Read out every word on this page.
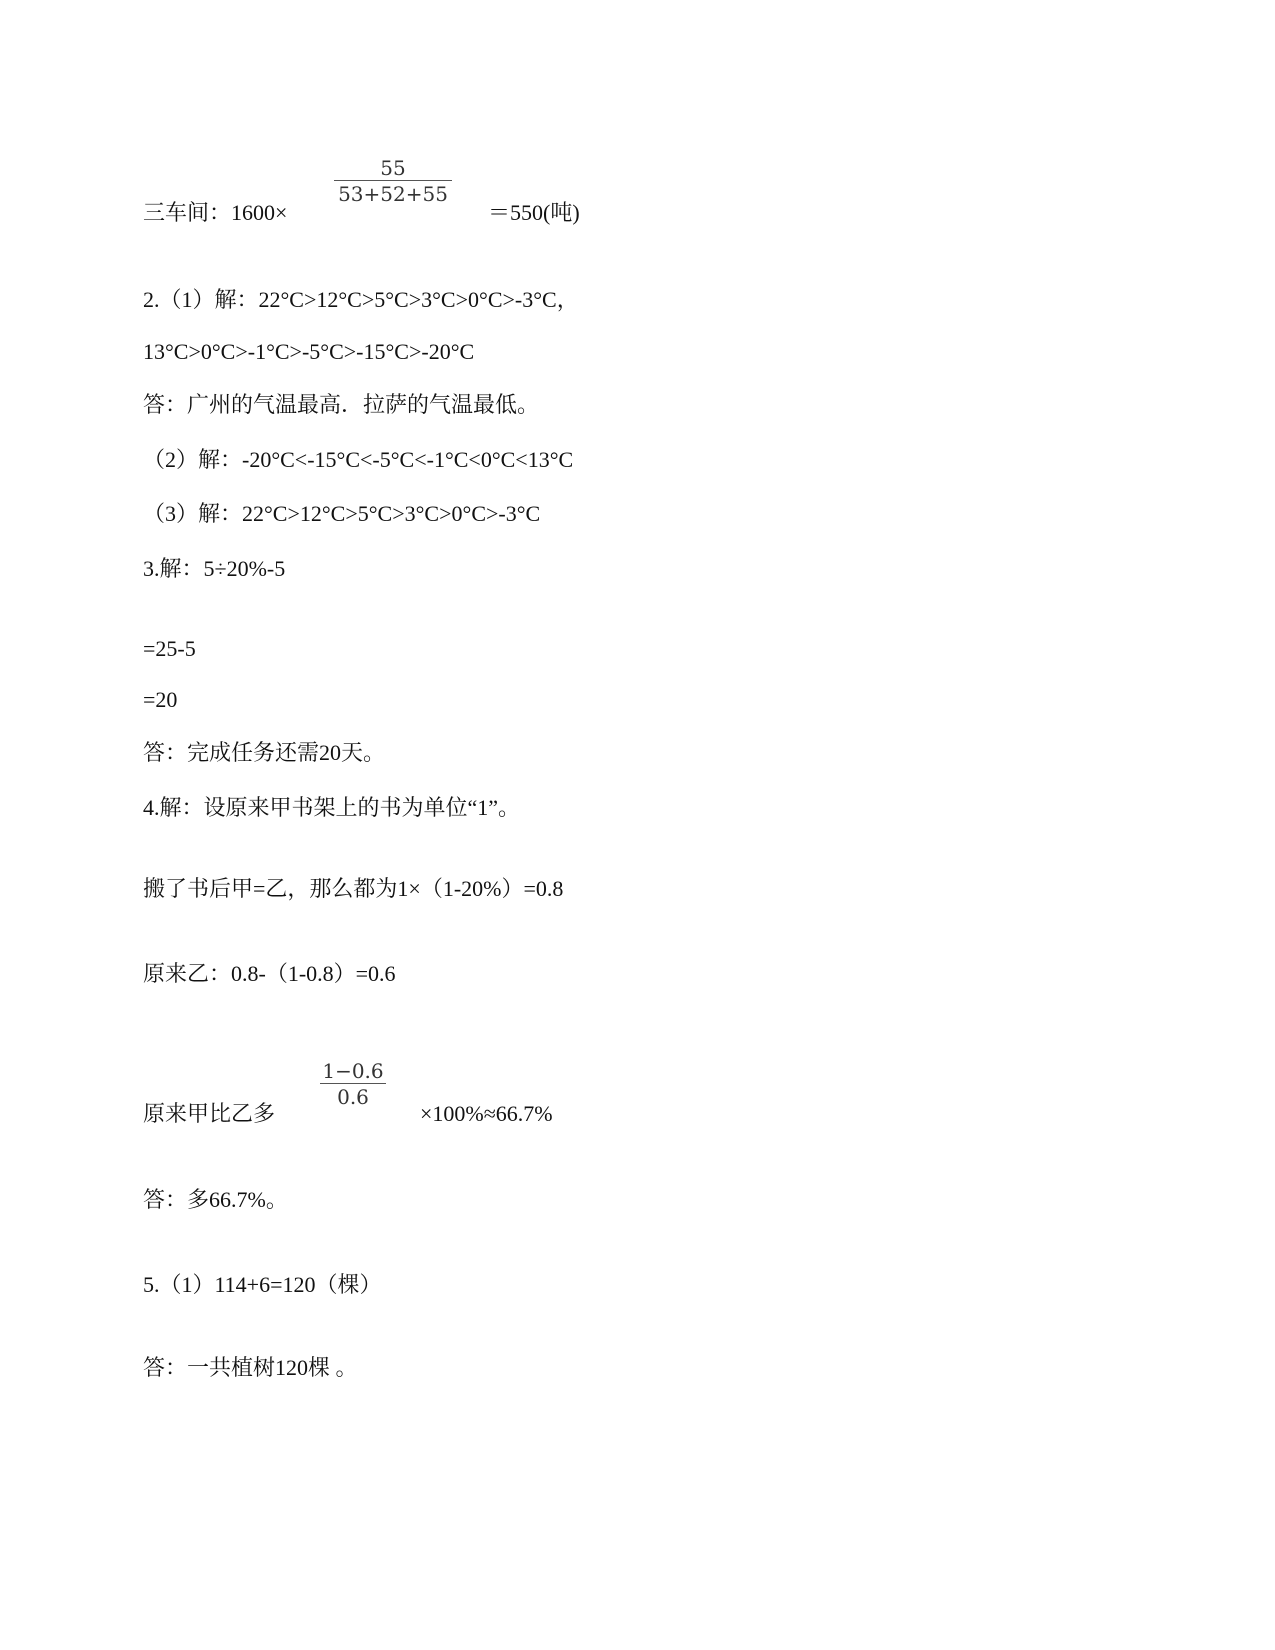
三车间：1600×
55
53+52+55
＝550(吨)
2.（1）解：22°C>12°C>5°C>3°C>0°C>-3°C，
13°C>0°C>-1°C>-5°C>-15°C>-20°C
答：广州的气温最高．拉萨的气温最低。
（2）解：-20°C<-15°C<-5°C<-1°C<0°C<13°C
（3）解：22°C>12°C>5°C>3°C>0°C>-3°C
3.解：5÷20%-5
=25-5
=20
答：完成任务还需20天。
4.解：设原来甲书架上的书为单位“1”。
搬了书后甲=乙，那么都为1×（1-20%）=0.8
原来乙：0.8-（1-0.8）=0.6
原来甲比乙多
1−0.6
0.6
×100%≈66.7%
答：多66.7%。
5.（1）114+6=120（棵）
答：一共植树120棵 。
